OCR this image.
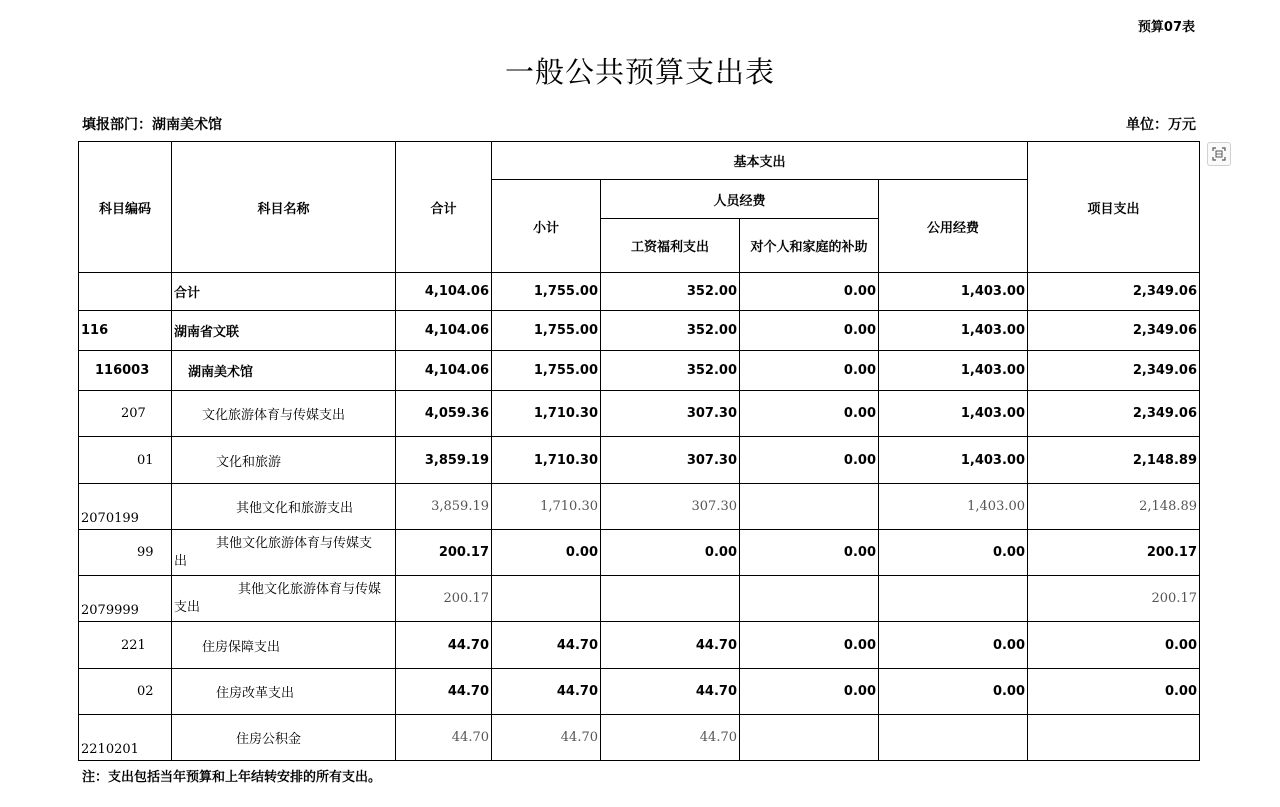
预算07表
一般公共预算支出表
填报部门：湖南美术馆	单位：万元
科目编码	科目名称	合计	基本支出				项目支出
			小计	人员经费		公用经费	
				工资福利支出	对个人和家庭的补助		
	合计	4,104.06	1,755.00	352.00	0.00	1,403.00	2,349.06
116	湖南省文联	4,104.06	1,755.00	352.00	0.00	1,403.00	2,349.06
116003	湖南美术馆	4,104.06	1,755.00	352.00	0.00	1,403.00	2,349.06
207	文化旅游体育与传媒支出	4,059.36	1,710.30	307.30	0.00	1,403.00	2,349.06
01	文化和旅游	3,859.19	1,710.30	307.30	0.00	1,403.00	2,148.89
2070199	其他文化和旅游支出	3,859.19	1,710.30	307.30		1,403.00	2,148.89
99	其他文化旅游体育与传媒支
出	200.17	0.00	0.00	0.00	0.00	200.17
2079999	其他文化旅游体育与传媒
支出	200.17					200.17
221	住房保障支出	44.70	44.70	44.70	0.00	0.00	0.00
02	住房改革支出	44.70	44.70	44.70	0.00	0.00	0.00
2210201	住房公积金	44.70	44.70	44.70			
注：支出包括当年预算和上年结转安排的所有支出。
